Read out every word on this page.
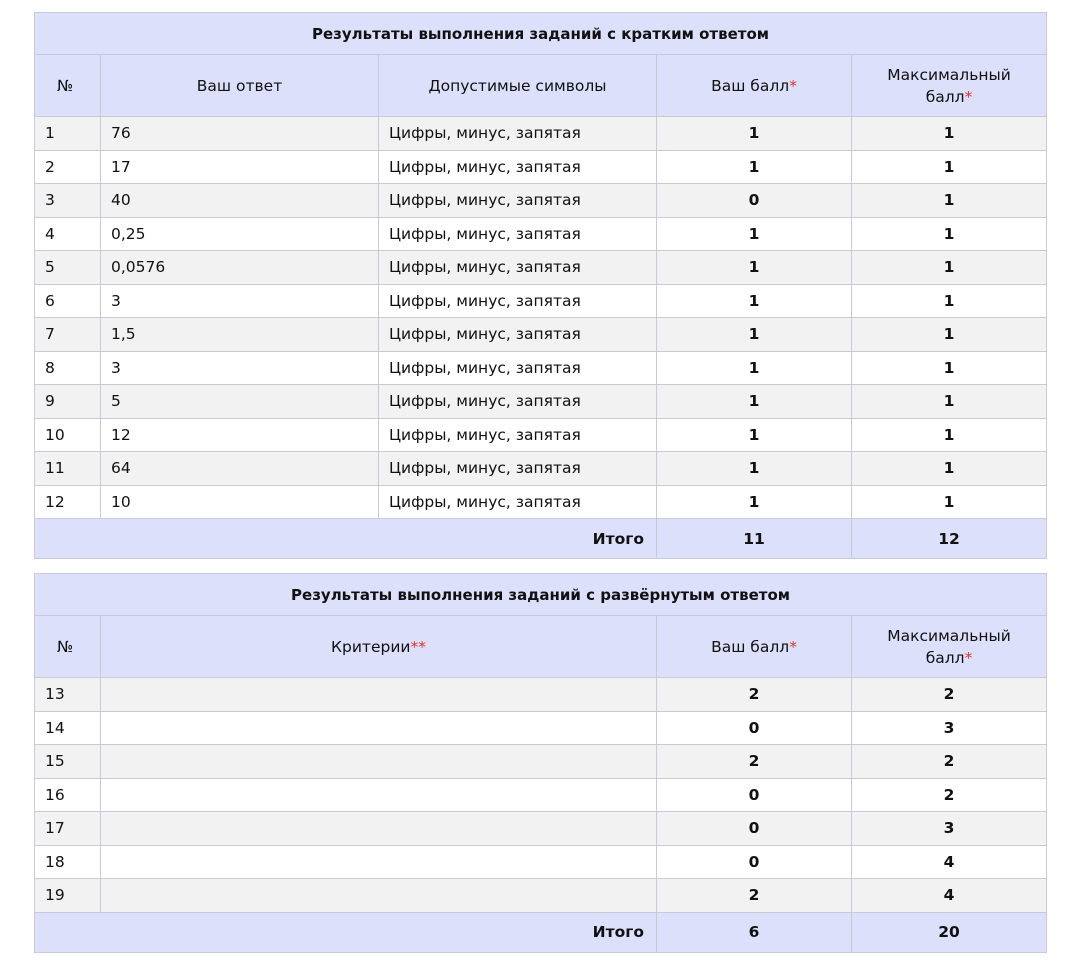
Результаты выполнения заданий с кратким ответом				
№	Ваш ответ	Допустимые символы	Ваш балл*	Максимальный
балл*
1	76	Цифры, минус, запятая	1	1
2	17	Цифры, минус, запятая	1	1
3	40	Цифры, минус, запятая	0	1
4	0,25	Цифры, минус, запятая	1	1
5	0,0576	Цифры, минус, запятая	1	1
6	3	Цифры, минус, запятая	1	1
7	1,5	Цифры, минус, запятая	1	1
8	3	Цифры, минус, запятая	1	1
9	5	Цифры, минус, запятая	1	1
10	12	Цифры, минус, запятая	1	1
11	64	Цифры, минус, запятая	1	1
12	10	Цифры, минус, запятая	1	1
Итого			11	12
Результаты выполнения заданий с развёрнутым ответом			
№	Критерии**	Ваш балл*	Максимальный
балл*
13		2	2
14		0	3
15		2	2
16		0	2
17		0	3
18		0	4
19		2	4
Итого		6	20
